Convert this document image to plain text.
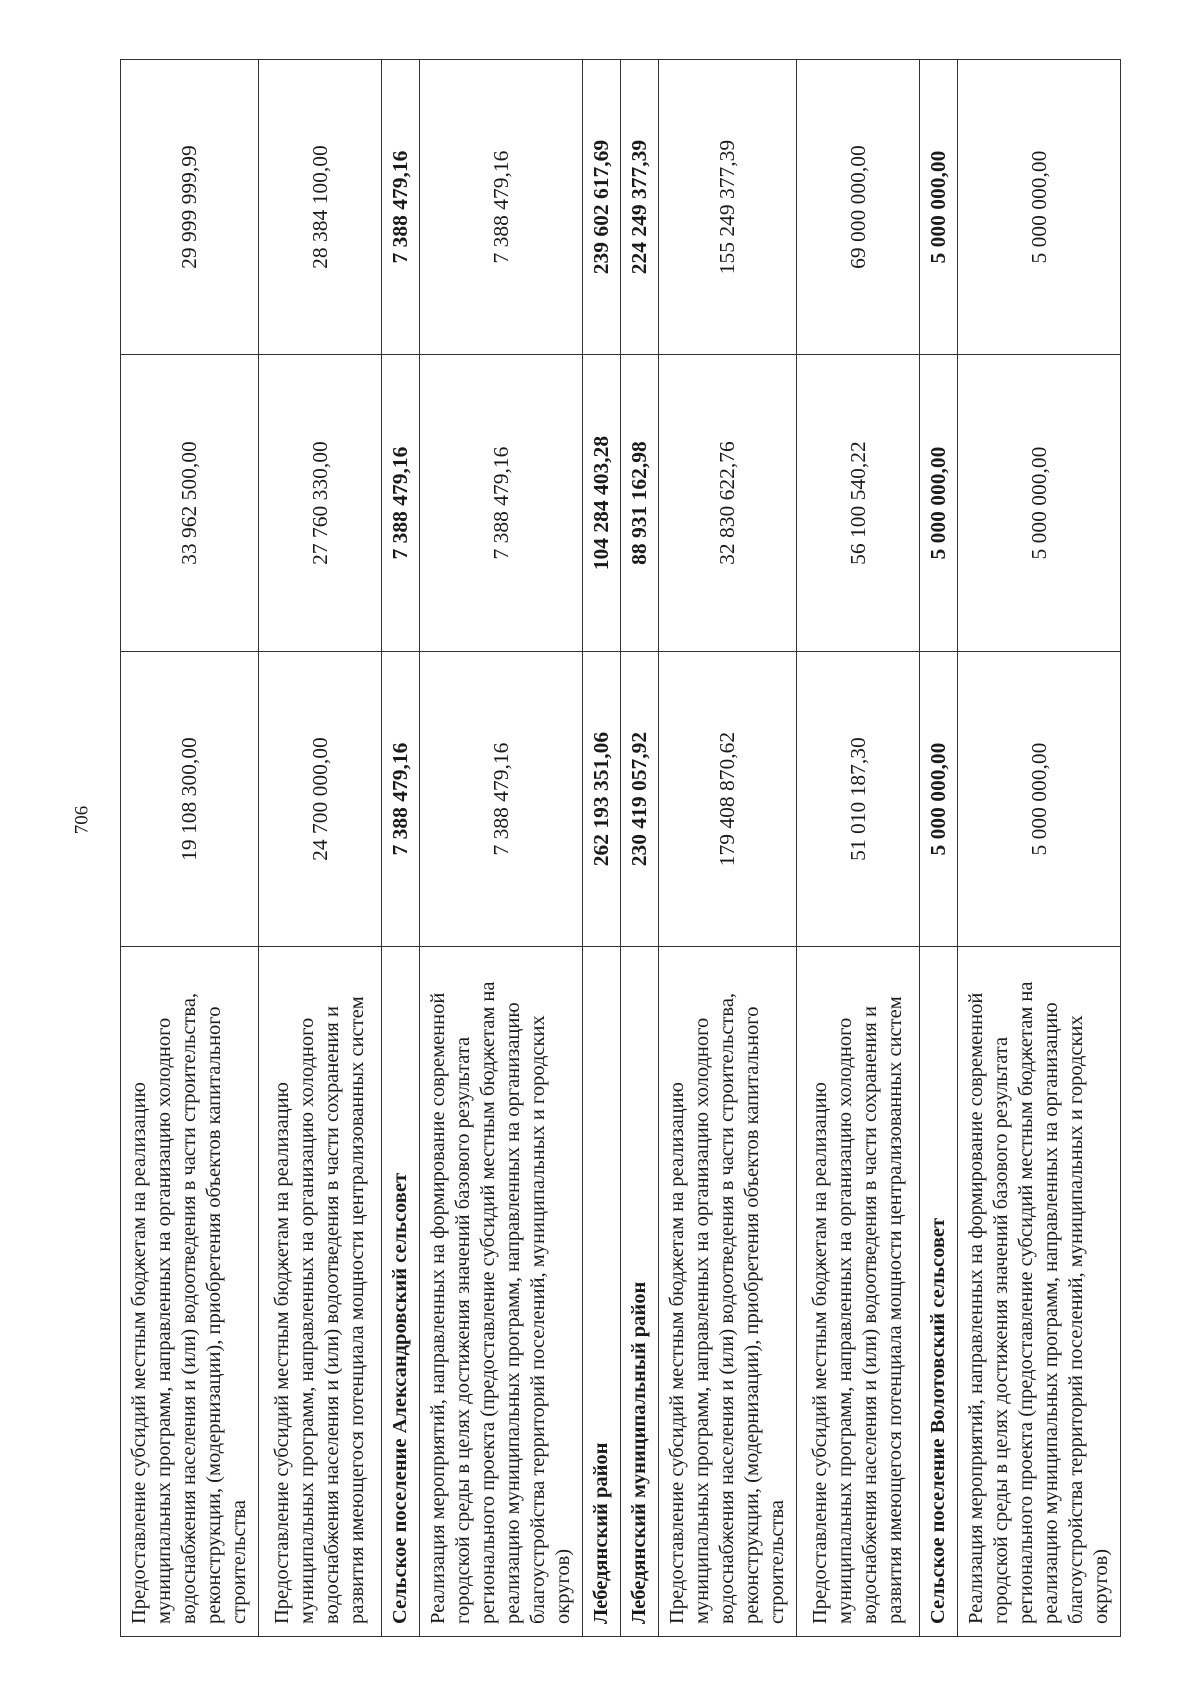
706
Предоставление субсидий местным бюджетам на реализацию муниципальных программ, направленных на организацию холодного водоснабжения населения и (или) водоотведения в части строительства, реконструкции, (модернизации), приобретения объектов капитального строительства	19 108 300,00	33 962 500,00	29 999 999,99
Предоставление субсидий местным бюджетам на реализацию муниципальных программ, направленных на организацию холодного водоснабжения населения и (или) водоотведения в части сохранения и развития имеющегося потенциала мощности централизованных систем	24 700 000,00	27 760 330,00	28 384 100,00
Сельское поселение Александровский сельсовет	7 388 479,16	7 388 479,16	7 388 479,16
Реализация мероприятий, направленных на формирование современной городской среды в целях достижения значений базового результата регионального проекта (предоставление субсидий местным бюджетам на реализацию муниципальных программ, направленных на организацию благоустройства территорий поселений, муниципальных и городских округов)	7 388 479,16	7 388 479,16	7 388 479,16
Лебедянский район	262 193 351,06	104 284 403,28	239 602 617,69
Лебедянский муниципальный район	230 419 057,92	88 931 162,98	224 249 377,39
Предоставление субсидий местным бюджетам на реализацию муниципальных программ, направленных на организацию холодного водоснабжения населения и (или) водоотведения в части строительства, реконструкции, (модернизации), приобретения объектов капитального строительства	179 408 870,62	32 830 622,76	155 249 377,39
Предоставление субсидий местным бюджетам на реализацию муниципальных программ, направленных на организацию холодного водоснабжения населения и (или) водоотведения в части сохранения и развития имеющегося потенциала мощности централизованных систем	51 010 187,30	56 100 540,22	69 000 000,00
Сельское поселение Волотовский сельсовет	5 000 000,00	5 000 000,00	5 000 000,00
Реализация мероприятий, направленных на формирование современной городской среды в целях достижения значений базового результата регионального проекта (предоставление субсидий местным бюджетам на реализацию муниципальных программ, направленных на организацию благоустройства территорий поселений, муниципальных и городских округов)	5 000 000,00	5 000 000,00	5 000 000,00
